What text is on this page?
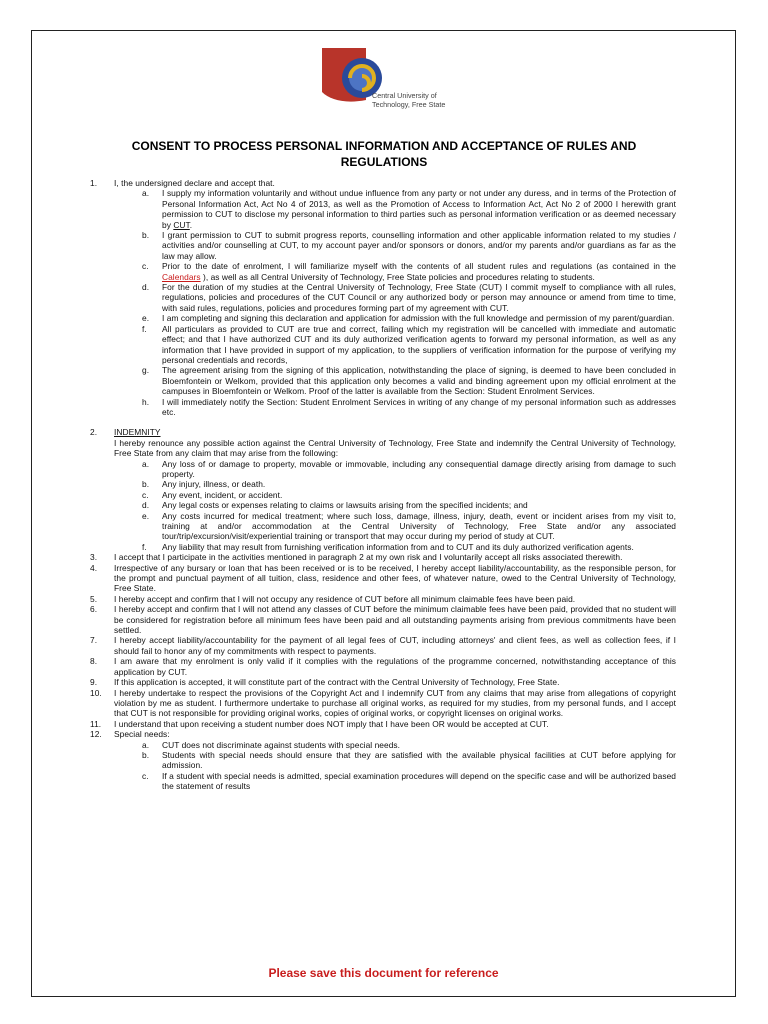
Central University of
Technology, Free State
CONSENT TO PROCESS PERSONAL INFORMATION AND ACCEPTANCE OF RULES AND REGULATIONS
1. I, the undersigned declare and accept that.
a. I supply my information voluntarily and without undue influence from any party or not under any duress, and in terms of the Protection of Personal Information Act, Act No 4 of 2013, as well as the Promotion of Access to Information Act, Act No 2 of 2000 I herewith grant permission to CUT to disclose my personal information to third parties such as personal information verification or as deemed necessary by CUT.
b. I grant permission to CUT to submit progress reports, counselling information and other applicable information related to my studies / activities and/or counselling at CUT, to my account payer and/or sponsors or donors, and/or my parents and/or guardians as far as the law may allow.
c. Prior to the date of enrolment, I will familiarize myself with the contents of all student rules and regulations (as contained in the Calendars ), as well as all Central University of Technology, Free State policies and procedures relating to students.
d. For the duration of my studies at the Central University of Technology, Free State (CUT) I commit myself to compliance with all rules, regulations, policies and procedures of the CUT Council or any authorized body or person may announce or amend from time to time, with said rules, regulations, policies and procedures forming part of my agreement with CUT.
e. I am completing and signing this declaration and application for admission with the full knowledge and permission of my parent/guardian.
f. All particulars as provided to CUT are true and correct, failing which my registration will be cancelled with immediate and automatic effect; and that I have authorized CUT and its duly authorized verification agents to forward my personal information, as well as any information that I have provided in support of my application, to the suppliers of verification information for the purpose of verifying my personal credentials and records,
g. The agreement arising from the signing of this application, notwithstanding the place of signing, is deemed to have been concluded in Bloemfontein or Welkom, provided that this application only becomes a valid and binding agreement upon my official enrolment at the campuses in Bloemfontein or Welkom. Proof of the latter is available from the Section: Student Enrolment Services.
h. I will immediately notify the Section: Student Enrolment Services in writing of any change of my personal information such as addresses etc.
2. INDEMNITY
I hereby renounce any possible action against the Central University of Technology, Free State and indemnify the Central University of Technology, Free State from any claim that may arise from the following:
a. Any loss of or damage to property, movable or immovable, including any consequential damage directly arising from damage to such property.
b. Any injury, illness, or death.
c. Any event, incident, or accident.
d. Any legal costs or expenses relating to claims or lawsuits arising from the specified incidents; and
e. Any costs incurred for medical treatment; where such loss, damage, illness, injury, death, event or incident arises from my visit to, training at and/or accommodation at the Central University of Technology, Free State and/or any associated tour/trip/excursion/visit/experiential training or transport that may occur during my period of study at CUT.
f. Any liability that may result from furnishing verification information from and to CUT and its duly authorized verification agents.
3. I accept that I participate in the activities mentioned in paragraph 2 at my own risk and I voluntarily accept all risks associated therewith.
4. Irrespective of any bursary or loan that has been received or is to be received, I hereby accept liability/accountability, as the responsible person, for the prompt and punctual payment of all tuition, class, residence and other fees, of whatever nature, owed to the Central University of Technology, Free State.
5. I hereby accept and confirm that I will not occupy any residence of CUT before all minimum claimable fees have been paid.
6. I hereby accept and confirm that I will not attend any classes of CUT before the minimum claimable fees have been paid, provided that no student will be considered for registration before all minimum fees have been paid and all outstanding payments arising from previous commitments have been settled.
7. I hereby accept liability/accountability for the payment of all legal fees of CUT, including attorneys' and client fees, as well as collection fees, if I should fail to honor any of my commitments with respect to payments.
8. I am aware that my enrolment is only valid if it complies with the regulations of the programme concerned, notwithstanding acceptance of this application by CUT.
9. If this application is accepted, it will constitute part of the contract with the Central University of Technology, Free State.
10. I hereby undertake to respect the provisions of the Copyright Act and I indemnify CUT from any claims that may arise from allegations of copyright violation by me as student. I furthermore undertake to purchase all original works, as required for my studies, from my personal funds, and I accept that CUT is not responsible for providing original works, copies of original works, or copyright licenses on original works.
11. I understand that upon receiving a student number does NOT imply that I have been OR would be accepted at CUT.
12. Special needs:
a. CUT does not discriminate against students with special needs.
b. Students with special needs should ensure that they are satisfied with the available physical facilities at CUT before applying for admission.
c. If a student with special needs is admitted, special examination procedures will depend on the specific case and will be authorized based the statement of results
Please save this document for reference
